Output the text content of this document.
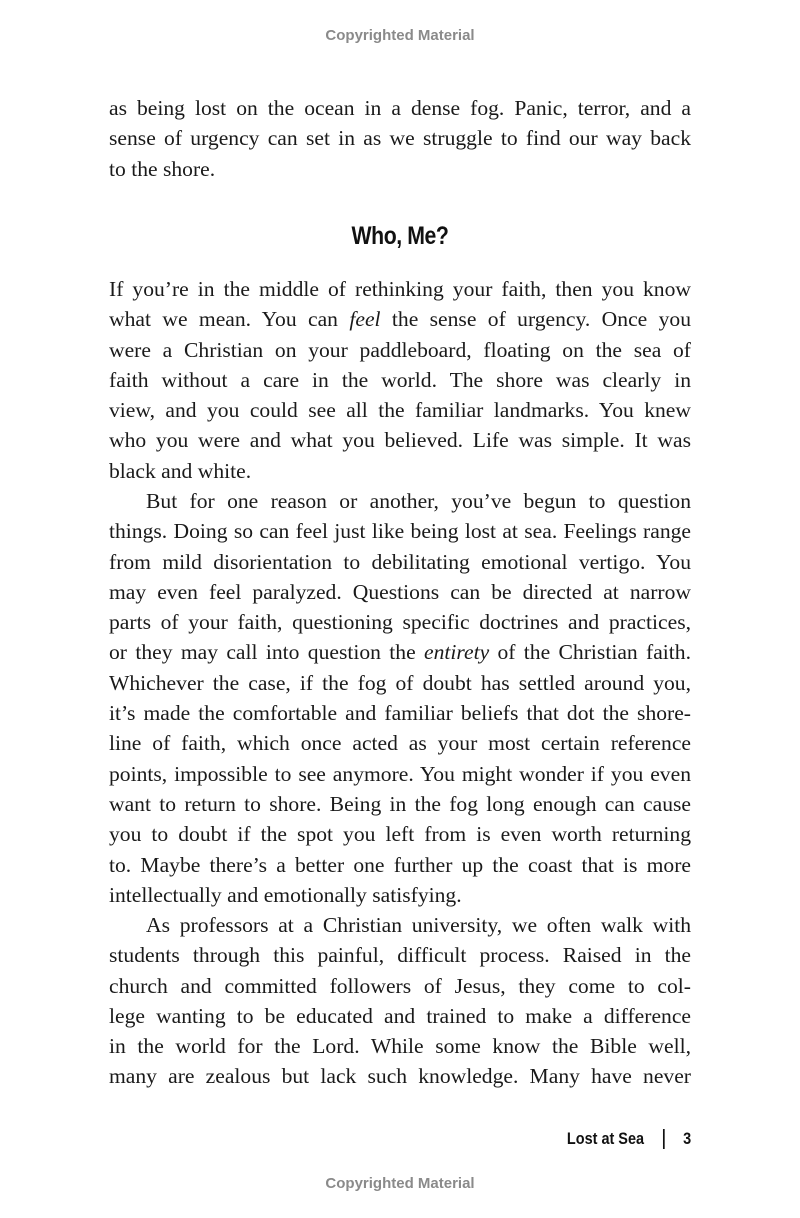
Copyrighted Material
as being lost on the ocean in a dense fog. Panic, terror, and a
sense of urgency can set in as we struggle to find our way back
to the shore.
Who, Me?
If you’re in the middle of rethinking your faith, then you know
what we mean. You can feel the sense of urgency. Once you
were a Christian on your paddleboard, floating on the sea of
faith without a care in the world. The shore was clearly in
view, and you could see all the familiar landmarks. You knew
who you were and what you believed. Life was simple. It was
black and white.
But for one reason or another, you’ve begun to question
things. Doing so can feel just like being lost at sea. Feelings range
from mild disorientation to debilitating emotional vertigo. You
may even feel paralyzed. Questions can be directed at narrow
parts of your faith, questioning specific doctrines and practices,
or they may call into question the entirety of the Christian faith.
Whichever the case, if the fog of doubt has settled around you,
it’s made the comfortable and familiar beliefs that dot the shore-
line of faith, which once acted as your most certain reference
points, impossible to see anymore. You might wonder if you even
want to return to shore. Being in the fog long enough can cause
you to doubt if the spot you left from is even worth returning
to. Maybe there’s a better one further up the coast that is more
intellectually and emotionally satisfying.
As professors at a Christian university, we often walk with
students through this painful, difficult process. Raised in the
church and committed followers of Jesus, they come to col-
lege wanting to be educated and trained to make a difference
in the world for the Lord. While some know the Bible well,
many are zealous but lack such knowledge. Many have never
Lost at Sea 3
Copyrighted Material
